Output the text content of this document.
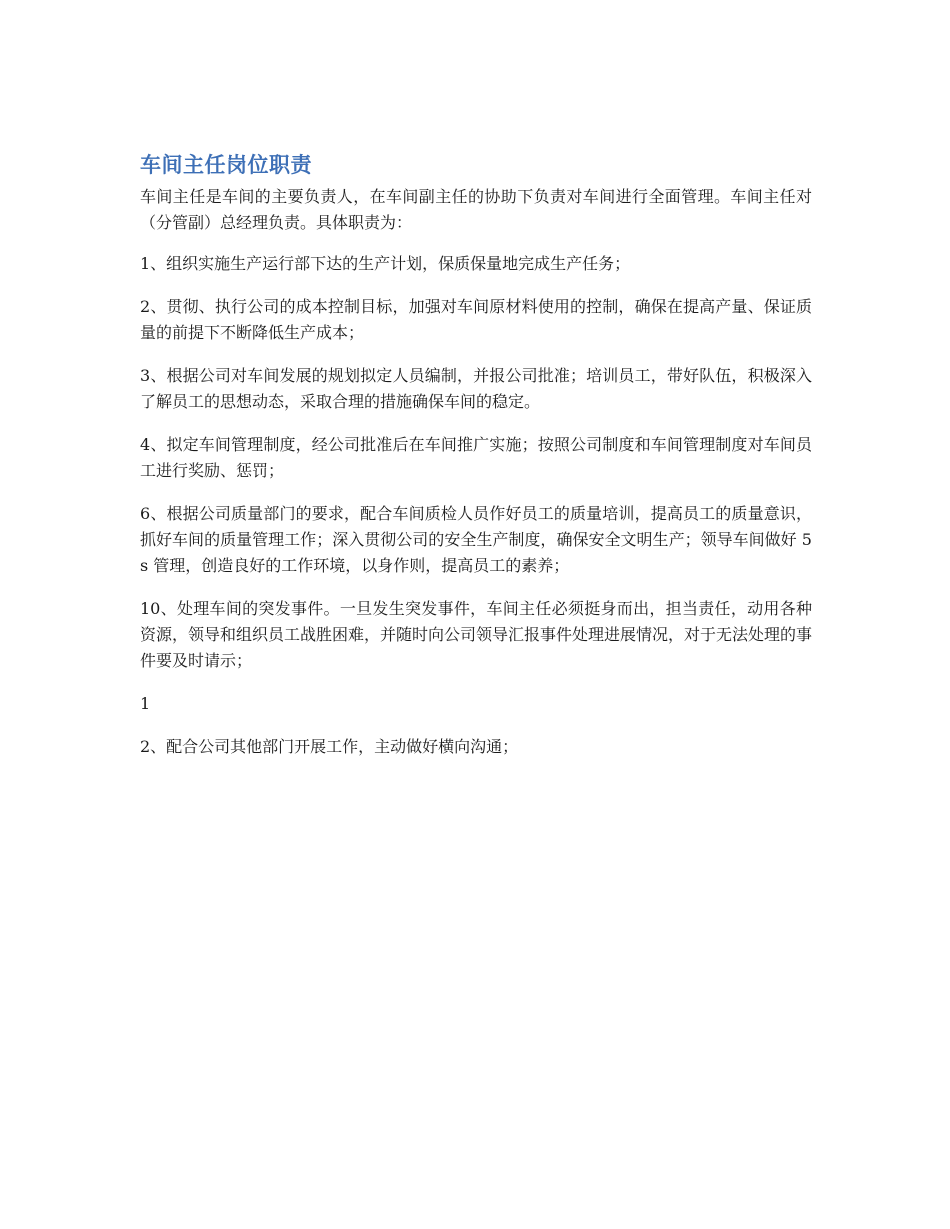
车间主任岗位职责

车间主任是车间的主要负责人，在车间副主任的协助下负责对车间进行全面管理。车间主任对（分管副）总经理负责。具体职责为：

1、组织实施生产运行部下达的生产计划，保质保量地完成生产任务；

2、贯彻、执行公司的成本控制目标，加强对车间原材料使用的控制，确保在提高产量、保证质量的前提下不断降低生产成本；

3、根据公司对车间发展的规划拟定人员编制，并报公司批准；培训员工，带好队伍，积极深入了解员工的思想动态，采取合理的措施确保车间的稳定。

4、拟定车间管理制度，经公司批准后在车间推广实施；按照公司制度和车间管理制度对车间员工进行奖励、惩罚；

6、根据公司质量部门的要求，配合车间质检人员作好员工的质量培训，提高员工的质量意识，抓好车间的质量管理工作；深入贯彻公司的安全生产制度，确保安全文明生产；领导车间做好 5s 管理，创造良好的工作环境，以身作则，提高员工的素养；

10、处理车间的突发事件。一旦发生突发事件，车间主任必须挺身而出，担当责任，动用各种资源，领导和组织员工战胜困难，并随时向公司领导汇报事件处理进展情况，对于无法处理的事件要及时请示；

1

2、配合公司其他部门开展工作，主动做好横向沟通；
